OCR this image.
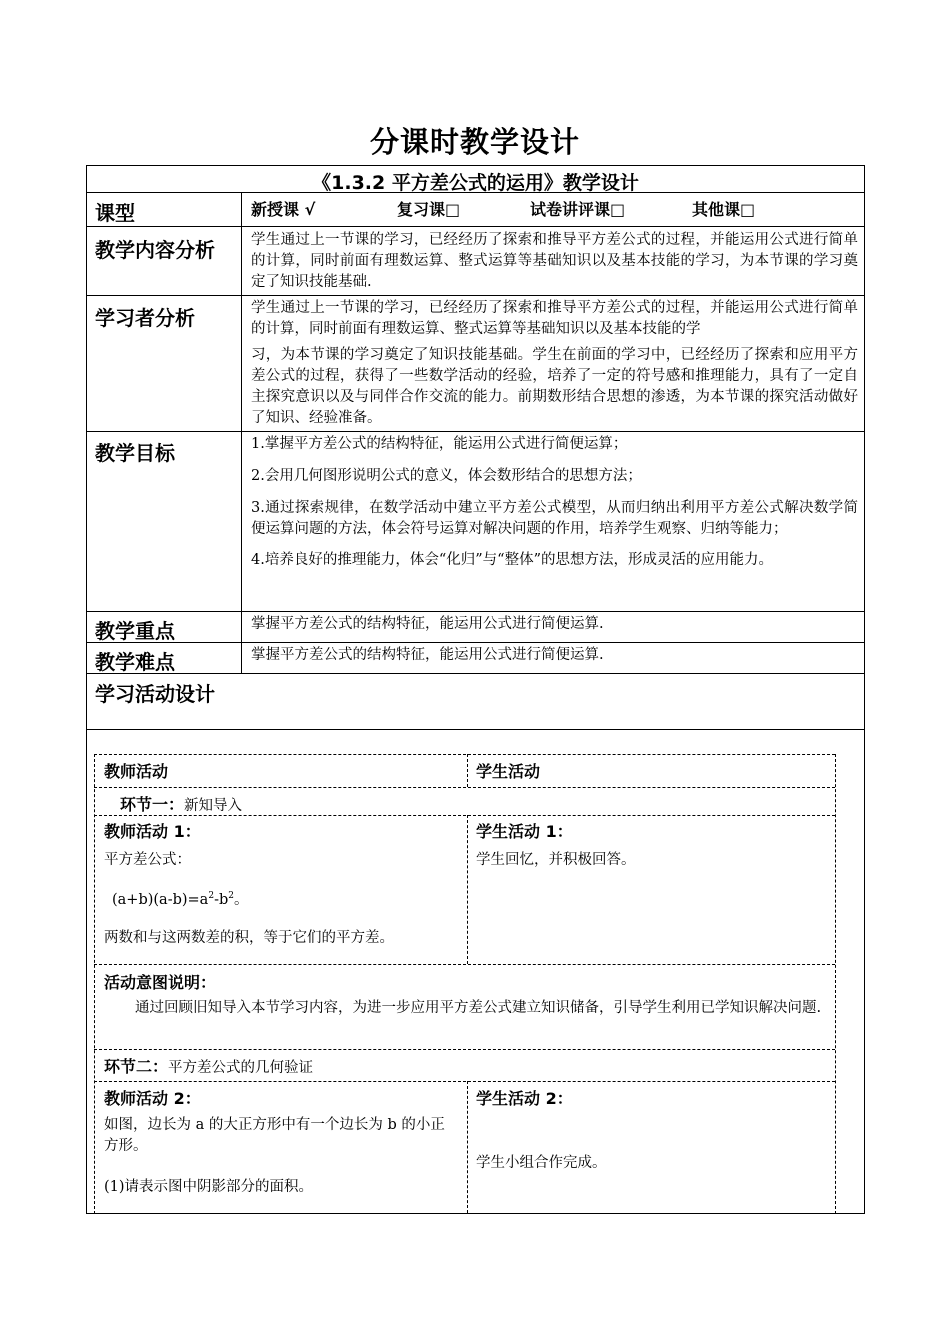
分课时教学设计
《1.3.2 平方差公式的运用》教学设计
课型	新授课 √	复习课□	试卷讲评课□	其他课□
教学内容分析 学生通过上一节课的学习，已经经历了探索和推导平方差公式的过程，并能运用公式进行简单的计算，同时前面有理数运算、整式运算等基础知识以及基本技能的学习，为本节课的学习奠定了知识技能基础.
学习者分析	学生通过上一节课的学习，已经经历了探索和推导平方差公式的过程，并能运用公式进行简单的计算，同时前面有理数运算、整式运算等基础知识以及基本技能的学

习，为本节课的学习奠定了知识技能基础。学生在前面的学习中，已经经历了探索和应用平方差公式的过程，获得了一些数学活动的经验，培养了一定的符号感和推理能力，具有了一定自主探究意识以及与同伴合作交流的能力。前期数形结合思想的渗透，为本节课的探究活动做好了知识、经验准备。

教学目标	1.掌握平方差公式的结构特征，能运用公式进行简便运算；

2.会用几何图形说明公式的意义，体会数形结合的思想方法；

3.通过探索规律，在数学活动中建立平方差公式模型，从而归纳出利用平方差公式解决数学简便运算问题的方法，体会符号运算对解决问题的作用，培养学生观察、归纳等能力；

4.培养良好的推理能力，体会“化归”与“整体”的思想方法，形成灵活的应用能力。

教学重点	掌握平方差公式的结构特征，能运用公式进行简便运算.
教学难点	掌握平方差公式的结构特征，能运用公式进行简便运算.
学习活动设计
教师活动	学生活动
环节一：新知导入
教师活动 1：
平方差公式：
$(a+b)(a-b)=a^2-b^2$。
两数和与这两数差的积，等于它们的平方差。
学生活动 1：
学生回忆，并积极回答。
活动意图说明：
通过回顾旧知导入本节学习内容，为进一步应用平方差公式建立知识储备，引导学生利用已学知识解决问题.
环节二：平方差公式的几何验证
教师活动 2：
如图，边长为 a 的大正方形中有一个边长为 b 的小正方形。
(1)请表示图中阴影部分的面积。
学生活动 2：
学生小组合作完成。
